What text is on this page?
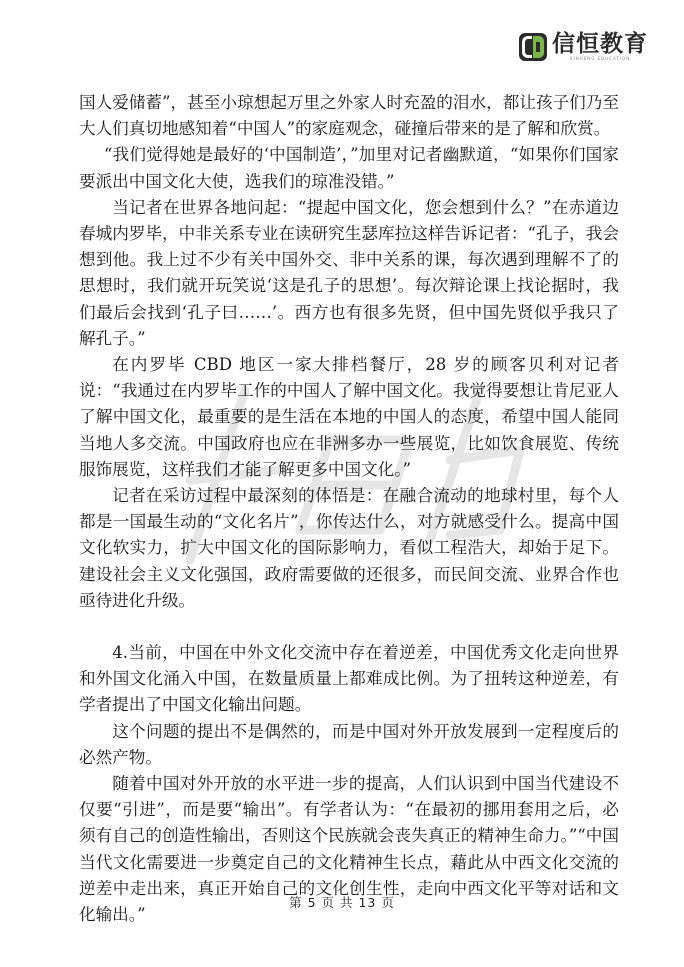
信恒教育
XINHENG EDUCATION

国人爱储蓄”，甚至小琼想起万里之外家人时充盈的泪水，都让孩子们乃至大人们真切地感知着“中国人”的家庭观念，碰撞后带来的是了解和欣赏。

“我们觉得她是最好的‘中国制造’，”加里对记者幽默道，“如果你们国家要派出中国文化大使，选我们的琼准没错。”

当记者在世界各地问起：“提起中国文化，您会想到什么？”在赤道边春城内罗毕，中非关系专业在读研究生瑟库拉这样告诉记者：“孔子，我会想到他。我上过不少有关中国外交、非中关系的课，每次遇到理解不了的思想时，我们就开玩笑说‘这是孔子的思想’。每次辩论课上找论据时，我们最后会找到‘孔子曰……’。西方也有很多先贤，但中国先贤似乎我只了解孔子。”

在内罗毕 CBD 地区一家大排档餐厅，28 岁的顾客贝利对记者说：“我通过在内罗毕工作的中国人了解中国文化。我觉得要想让肯尼亚人了解中国文化，最重要的是生活在本地的中国人的态度，希望中国人能同当地人多交流。中国政府也应在非洲多办一些展览，比如饮食展览、传统服饰展览，这样我们才能了解更多中国文化。”

记者在采访过程中最深刻的体悟是：在融合流动的地球村里，每个人都是一国最生动的“文化名片”，你传达什么，对方就感受什么。提高中国文化软实力，扩大中国文化的国际影响力，看似工程浩大，却始于足下。建设社会主义文化强国，政府需要做的还很多，而民间交流、业界合作也亟待进化升级。

4.当前，中国在中外文化交流中存在着逆差，中国优秀文化走向世界和外国文化涌入中国，在数量质量上都难成比例。为了扭转这种逆差，有学者提出了中国文化输出问题。

这个问题的提出不是偶然的，而是中国对外开放发展到一定程度后的必然产物。

随着中国对外开放的水平进一步的提高，人们认识到中国当代建设不仅要“引进”，而是要“输出”。有学者认为：“在最初的挪用套用之后，必须有自己的创造性输出，否则这个民族就会丧失真正的精神生命力。”“中国当代文化需要进一步奠定自己的文化精神生长点，藉此从中西文化交流的逆差中走出来，真正开始自己的文化创生性，走向中西文化平等对话和文化输出。”

第 5 页 共 13 页
